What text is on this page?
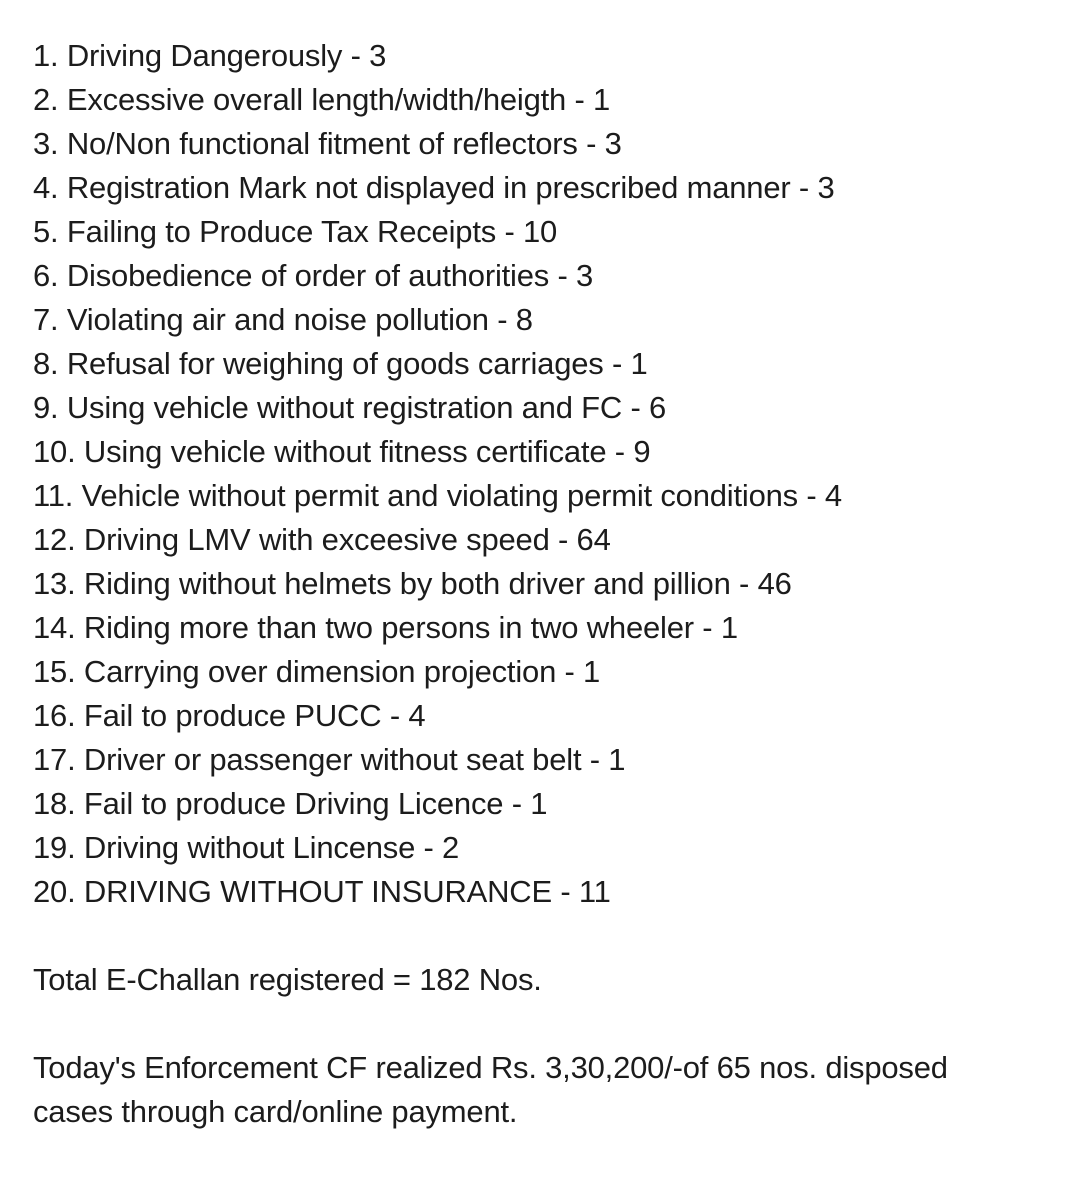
1. Driving Dangerously - 3
2. Excessive overall length/width/heigth - 1
3. No/Non functional fitment of reflectors - 3
4. Registration Mark not displayed in prescribed manner - 3
5. Failing to Produce Tax Receipts - 10
6. Disobedience of order of authorities - 3
7. Violating air and noise pollution - 8
8. Refusal for weighing of goods carriages - 1
9. Using vehicle without registration and FC - 6
10. Using vehicle without fitness certificate - 9
11. Vehicle without permit and violating permit conditions - 4
12. Driving LMV with exceesive speed - 64
13. Riding without helmets by both driver and pillion - 46
14. Riding more than two persons in two wheeler - 1
15. Carrying over dimension projection - 1
16. Fail to produce PUCC - 4
17. Driver or passenger without seat belt - 1
18. Fail to produce Driving Licence - 1
19. Driving without Lincense - 2
20. DRIVING WITHOUT INSURANCE - 11
Total E-Challan registered = 182 Nos.
Today's Enforcement CF realized Rs. 3,30,200/-of 65 nos. disposed
cases through card/online payment.
